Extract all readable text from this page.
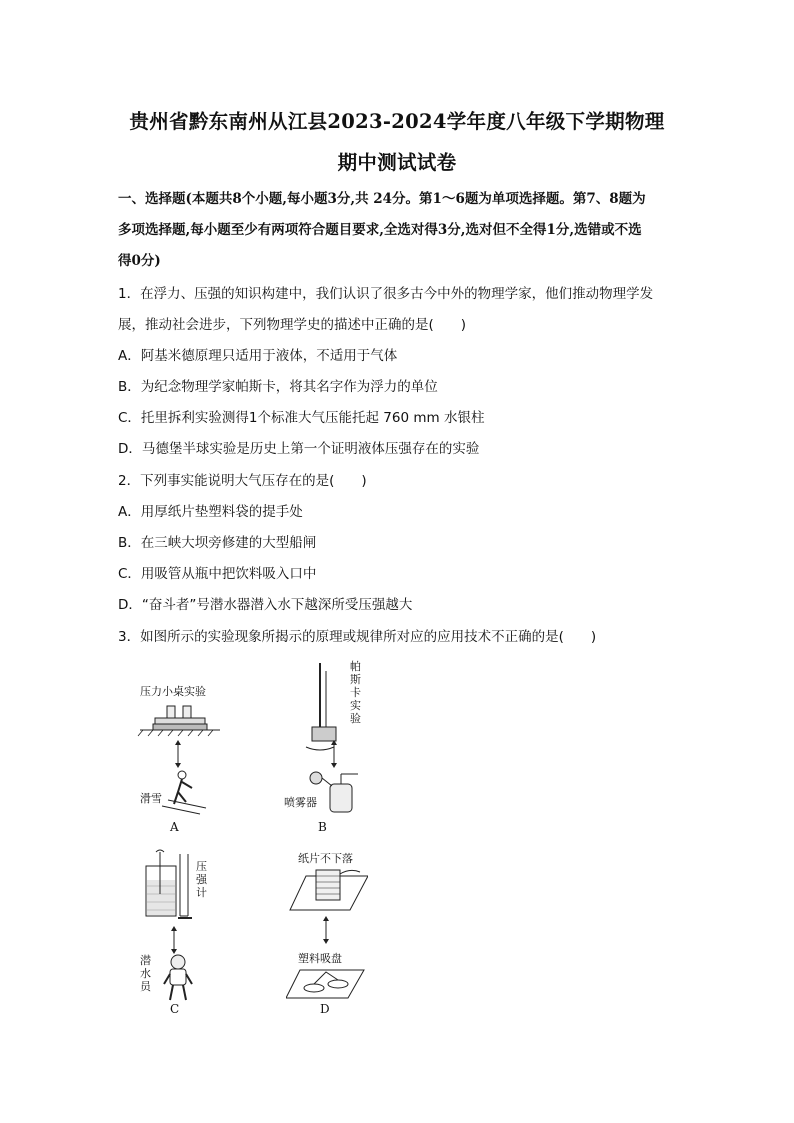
贵州省黔东南州从江县2023-2024学年度八年级下学期物理
期中测试试卷
一、选择题(本题共8个小题,每小题3分,共 24分。第1～6题为单项选择题。第7、8题为
多项选择题,每小题至少有两项符合题目要求,全选对得3分,选对但不全得1分,选错或不选
得0分)
1．在浮力、压强的知识构建中，我们认识了很多古今中外的物理学家，他们推动物理学发
展，推动社会进步，下列物理学史的描述中正确的是(　　)
A．阿基米德原理只适用于液体，不适用于气体
B．为纪念物理学家帕斯卡，将其名字作为浮力的单位
C．托里拆利实验测得1个标准大气压能托起 760 mm 水银柱
D．马德堡半球实验是历史上第一个证明液体压强存在的实验
2．下列事实能说明大气压存在的是(　　)
A．用厚纸片垫塑料袋的提手处
B．在三峡大坝旁修建的大型船闸
C．用吸管从瓶中把饮料吸入口中
D．“奋斗者”号潜水器潜入水下越深所受压强越大
3．如图所示的实验现象所揭示的原理或规律所对应的应用技术不正确的是(　　)
压力小桌实验
滑雪
A
帕斯卡实验
喷雾器
B
压强计
潜水员
C
纸片不下落
塑料吸盘
D
